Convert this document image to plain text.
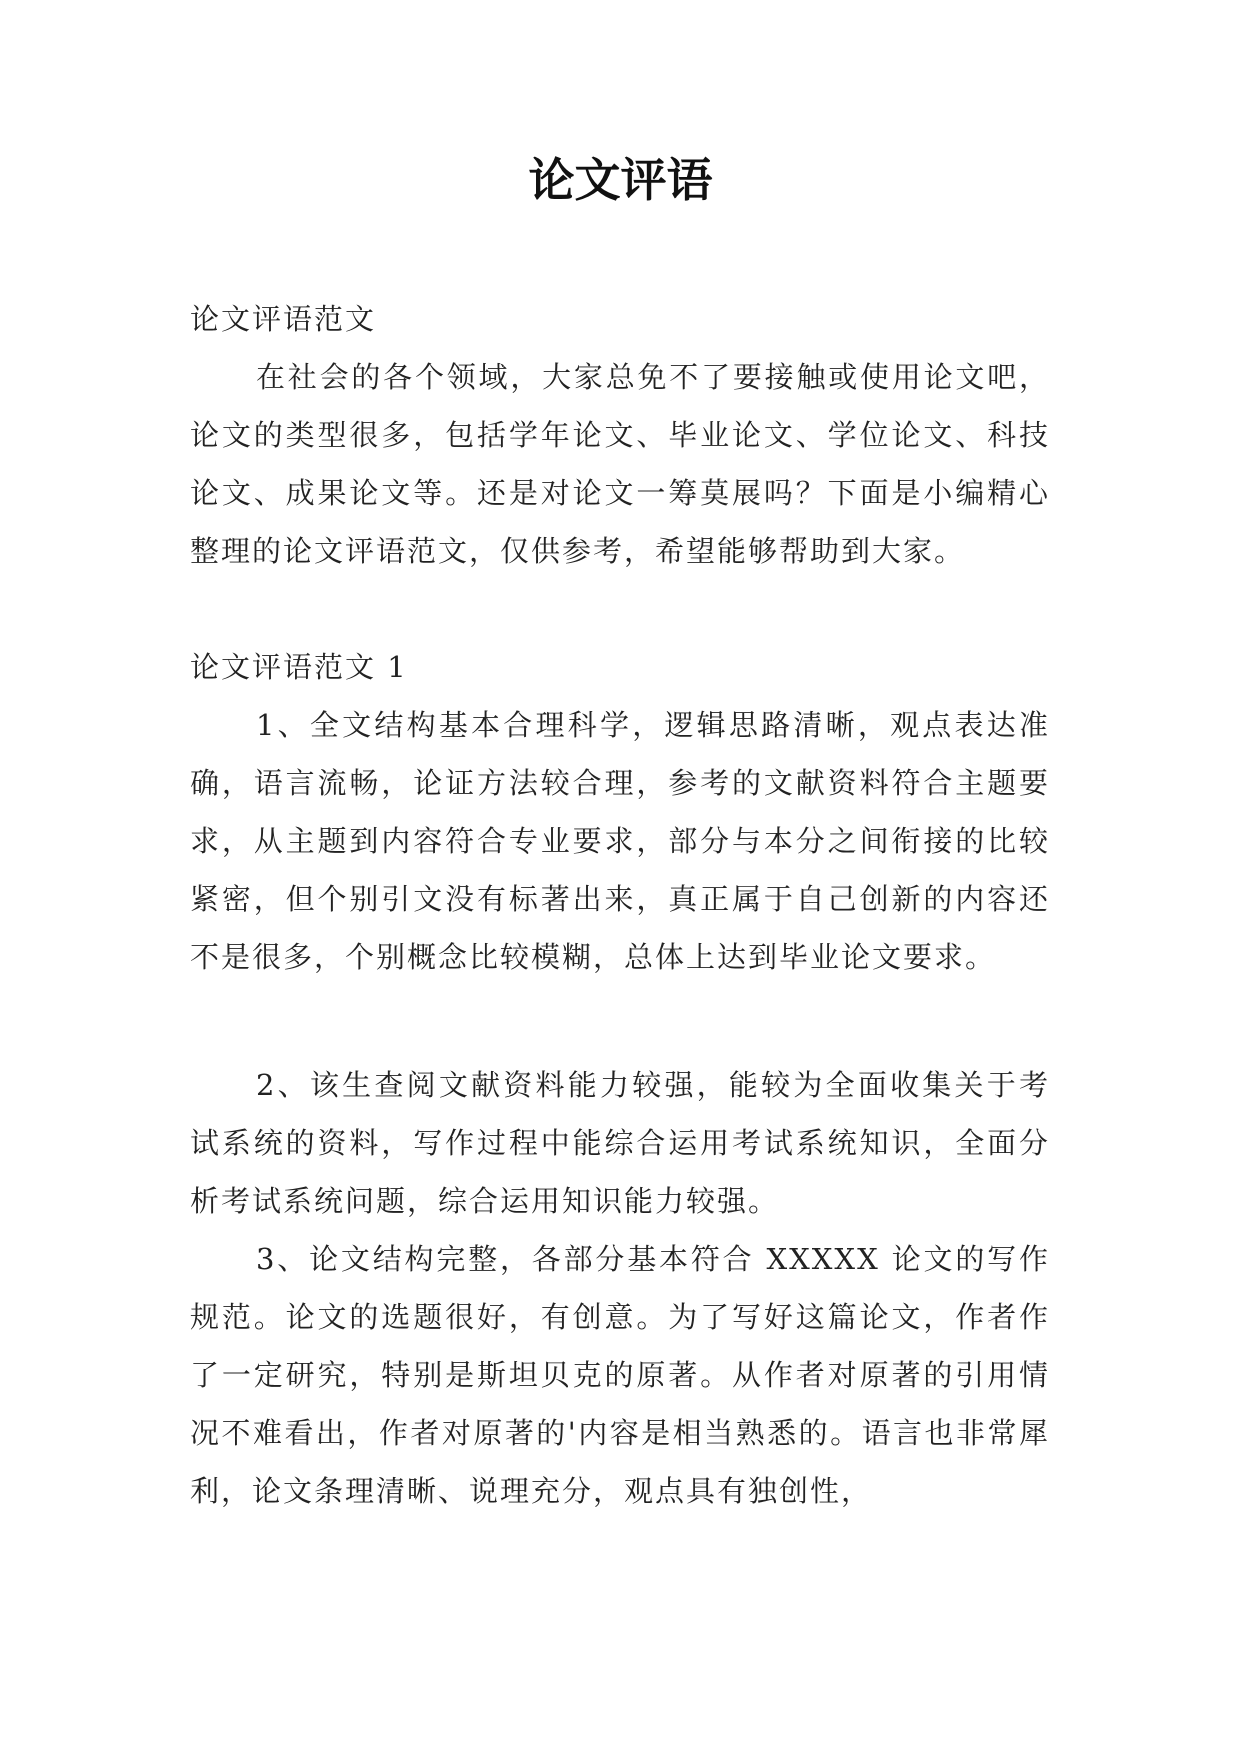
论文评语

论文评语范文

在社会的各个领域，大家总免不了要接触或使用论文吧，论文的类型很多，包括学年论文、毕业论文、学位论文、科技论文、成果论文等。还是对论文一筹莫展吗？下面是小编精心整理的论文评语范文，仅供参考，希望能够帮助到大家。

论文评语范文 1

1、全文结构基本合理科学，逻辑思路清晰，观点表达准确，语言流畅，论证方法较合理，参考的文献资料符合主题要求，从主题到内容符合专业要求，部分与本分之间衔接的比较紧密，但个别引文没有标著出来，真正属于自己创新的内容还不是很多，个别概念比较模糊，总体上达到毕业论文要求。

2、该生查阅文献资料能力较强，能较为全面收集关于考试系统的资料，写作过程中能综合运用考试系统知识，全面分析考试系统问题，综合运用知识能力较强。

3、论文结构完整，各部分基本符合 XXXXX 论文的写作规范。论文的选题很好，有创意。为了写好这篇论文，作者作了一定研究，特别是斯坦贝克的原著。从作者对原著的引用情况不难看出，作者对原著的'内容是相当熟悉的。语言也非常犀利，论文条理清晰、说理充分，观点具有独创性，
